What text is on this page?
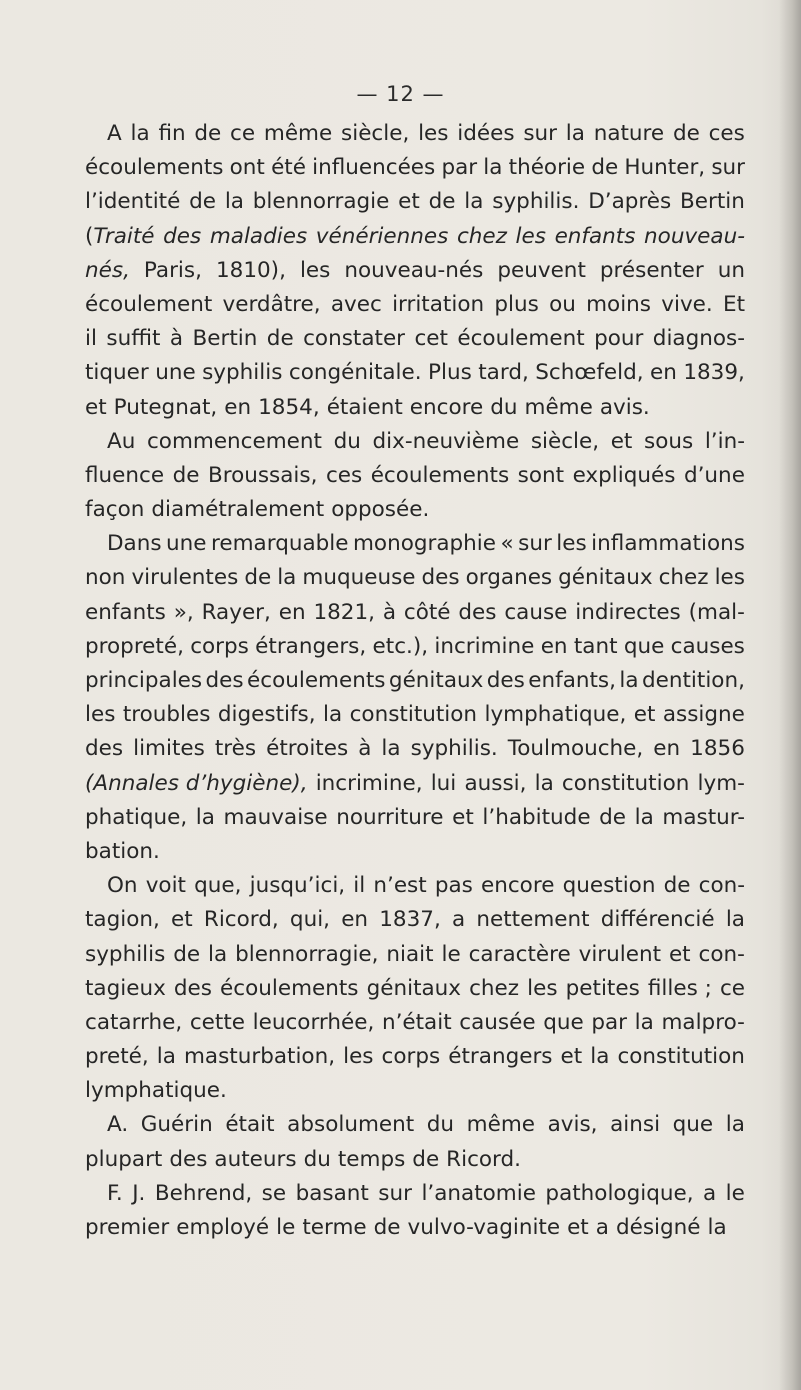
— 12 —
A la fin de ce même siècle, les idées sur la nature de ces
écoulements ont été influencées par la théorie de Hunter, sur
l’identité de la blennorragie et de la syphilis. D’après Bertin
(Traité des maladies vénériennes chez les enfants nouveau-
nés, Paris, 1810), les nouveau-nés peuvent présenter un
écoulement verdâtre, avec irritation plus ou moins vive. Et
il suffit à Bertin de constater cet écoulement pour diagnos-
tiquer une syphilis congénitale. Plus tard, Schœfeld, en 1839,
et Putegnat, en 1854, étaient encore du même avis.
Au commencement du dix-neuvième siècle, et sous l’in-
fluence de Broussais, ces écoulements sont expliqués d’une
façon diamétralement opposée.
Dans une remarquable monographie « sur les inflammations
non virulentes de la muqueuse des organes génitaux chez les
enfants », Rayer, en 1821, à côté des cause indirectes (mal-
propreté, corps étrangers, etc.), incrimine en tant que causes
principales des écoulements génitaux des enfants, la dentition,
les troubles digestifs, la constitution lymphatique, et assigne
des limites très étroites à la syphilis. Toulmouche, en 1856
(Annales d’hygiène), incrimine, lui aussi, la constitution lym-
phatique, la mauvaise nourriture et l’habitude de la mastur-
bation.
On voit que, jusqu’ici, il n’est pas encore question de con-
tagion, et Ricord, qui, en 1837, a nettement différencié la
syphilis de la blennorragie, niait le caractère virulent et con-
tagieux des écoulements génitaux chez les petites filles ; ce
catarrhe, cette leucorrhée, n’était causée que par la malpro-
preté, la masturbation, les corps étrangers et la constitution
lymphatique.
A. Guérin était absolument du même avis, ainsi que la
plupart des auteurs du temps de Ricord.
F. J. Behrend, se basant sur l’anatomie pathologique, a le
premier employé le terme de vulvo-vaginite et a désigné la
